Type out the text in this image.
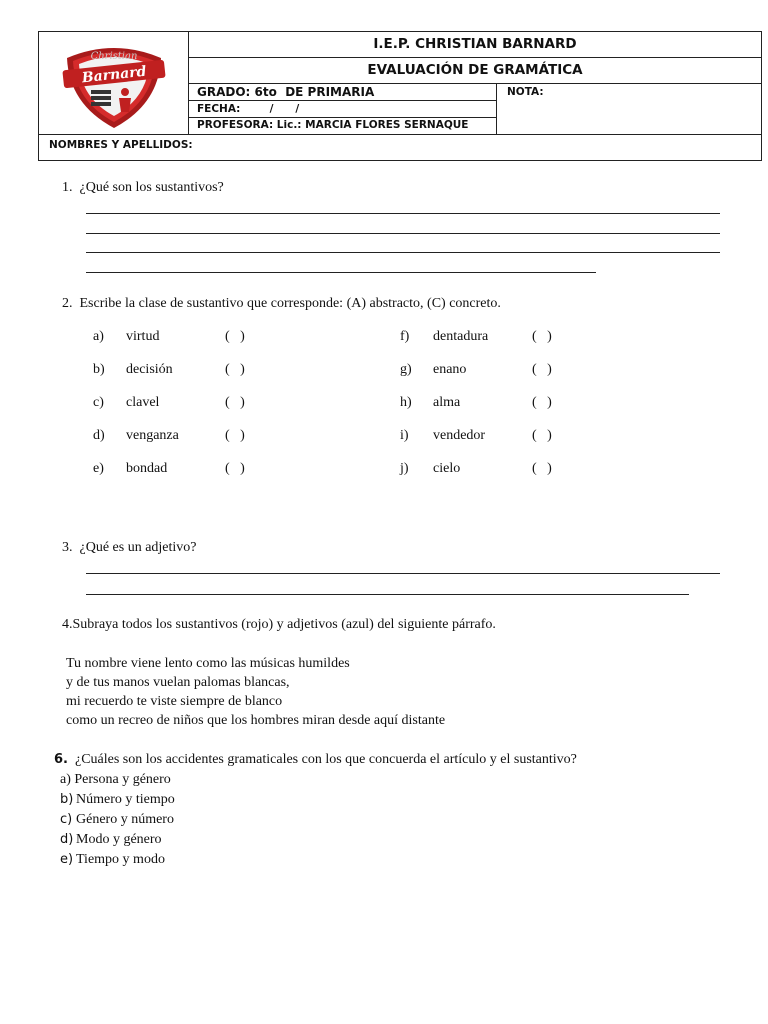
Christian
Barnard
I.E.P. CHRISTIAN BARNARD
EVALUACIÓN DE GRAMÁTICA
GRADO: 6to  DE PRIMARIA
FECHA:        /      /
PROFESORA: Lic.: MARCIA FLORES SERNAQUE
NOTA:
NOMBRES Y APELLIDOS:
1. ¿Qué son los sustantivos?
2. Escribe la clase de sustantivo que corresponde: (A) abstracto, (C) concreto.
a) virtud	(   )
b) decisión	(   )
c) clavel	(   )
d) venganza	(   )
e) bondad	(   )
f) dentadura	(   )
g) enano	(   )
h) alma	(   )
i) vendedor	(   )
j) cielo	(   )
3. ¿Qué es un adjetivo?
4.Subraya todos los sustantivos (rojo) y adjetivos (azul) del siguiente párrafo.
Tu nombre viene lento como las músicas humildes
y de tus manos vuelan palomas blancas,
mi recuerdo te viste siempre de blanco
como un recreo de niños que los hombres miran desde aquí distante
6. ¿Cuáles son los accidentes gramaticales con los que concuerda el artículo y el sustantivo?
a) Persona y género
b) Número y tiempo
c) Género y número
d) Modo y género
e) Tiempo y modo
